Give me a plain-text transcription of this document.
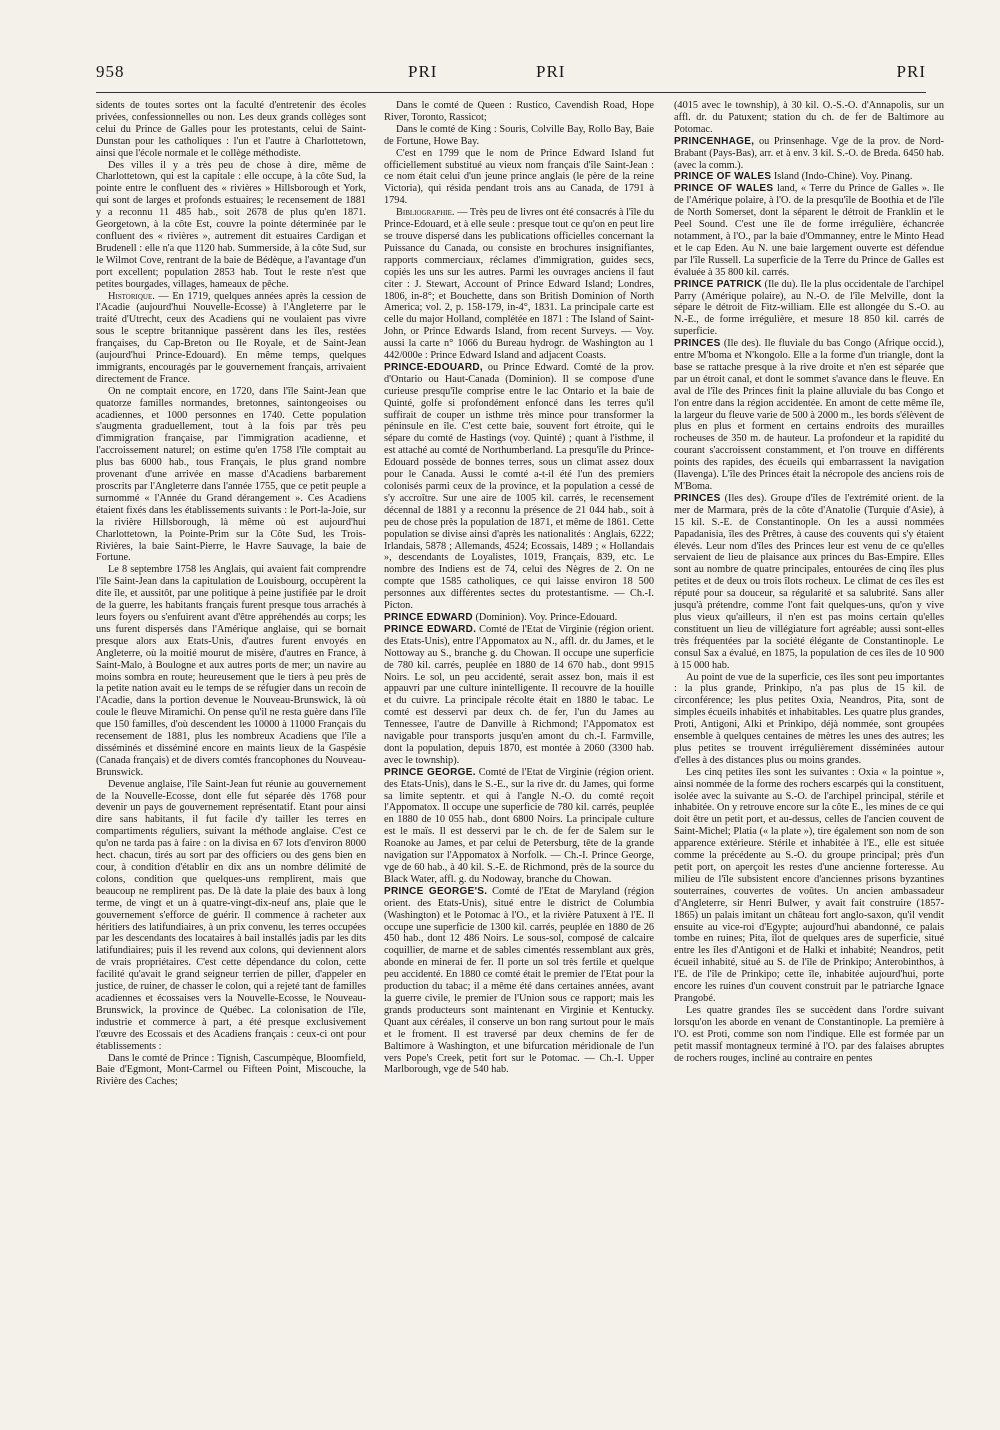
958	PRI	PRI	PRI

sidents de toutes sortes ont la faculté d'entretenir des écoles privées, confessionnelles ou non. Les deux grands collèges sont celui du Prince de Galles pour les protestants, celui de Saint-Dunstan pour les catholiques : l'un et l'autre à Charlottetown, ainsi que l'école normale et le collège méthodiste.

Des villes il y a très peu de chose à dire, même de Charlottetown, qui est la capitale : elle occupe, à la côte Sud, la pointe entre le confluent des « rivières » Hillsborough et York, qui sont de larges et profonds estuaires; le recensement de 1881 y a reconnu 11 485 hab., soit 2678 de plus qu'en 1871. Georgetown, à la côte Est, couvre la pointe déterminée par le confluent des « rivières », autrement dit estuaires Cardigan et Brudenell : elle n'a que 1120 hab. Summerside, à la côte Sud, sur le Wilmot Cove, rentrant de la baie de Bédèque, a l'avantage d'un port excellent; population 2853 hab. Tout le reste n'est que petites bourgades, villages, hameaux de pêche.

Historique. — En 1719, quelques années après la cession de l'Acadie (aujourd'hui Nouvelle-Ecosse) à l'Angleterre par le traité d'Utrecht, ceux des Acadiens qui ne voulaient pas vivre sous le sceptre britannique passèrent dans les îles, restées françaises, du Cap-Breton ou Ile Royale, et de Saint-Jean (aujourd'hui Prince-Edouard). En même temps, quelques immigrants, encouragés par le gouvernement français, arrivaient directement de France.

On ne comptait encore, en 1720, dans l'île Saint-Jean que quatorze familles normandes, bretonnes, saintongeoises ou acadiennes, et 1000 personnes en 1740. Cette population s'augmenta graduellement, tout à la fois par très peu d'immigration française, par l'immigration acadienne, et l'accroissement naturel; on estime qu'en 1758 l'île comptait au plus bas 6000 hab., tous Français, le plus grand nombre provenant d'une arrivée en masse d'Acadiens barbarement proscrits par l'Angleterre dans l'année 1755, que ce petit peuple a surnommé « l'Année du Grand dérangement ». Ces Acadiens étaient fixés dans les établissements suivants : le Port-la-Joie, sur la rivière Hillsborough, là même où est aujourd'hui Charlottetown, la Pointe-Prim sur la Côte Sud, les Trois-Rivières, la baie Saint-Pierre, le Havre Sauvage, la baie de Fortune.

Le 8 septembre 1758 les Anglais, qui avaient fait comprendre l'île Saint-Jean dans la capitulation de Louisbourg, occupèrent la dite île, et aussitôt, par une politique à peine justifiée par le droit de la guerre, les habitants français furent presque tous arrachés à leurs foyers ou s'enfuirent avant d'être appréhendés au corps; les uns furent dispersés dans l'Amérique anglaise, qui se bornait presque alors aux Etats-Unis, d'autres furent envoyés en Angleterre, où la moitié mourut de misère, d'autres en France, à Saint-Malo, à Boulogne et aux autres ports de mer; un navire au moins sombra en route; heureusement que le tiers à peu près de la petite nation avait eu le temps de se réfugier dans un recoin de l'Acadie, dans la portion devenue le Nouveau-Brunswick, là où coule le fleuve Miramichi. On pense qu'il ne resta guère dans l'île que 150 familles, d'où descendent les 10000 à 11000 Français du recensement de 1881, plus les nombreux Acadiens que l'île a disséminés et disséminé encore en maints lieux de la Gaspésie (Canada français) et de divers comtés francophones du Nouveau-Brunswick.

Devenue anglaise, l'île Saint-Jean fut réunie au gouvernement de la Nouvelle-Ecosse, dont elle fut séparée dès 1768 pour devenir un pays de gouvernement représentatif. Etant pour ainsi dire sans habitants, il fut facile d'y tailler les terres en compartiments réguliers, suivant la méthode anglaise. C'est ce qu'on ne tarda pas à faire : on la divisa en 67 lots d'environ 8000 hect. chacun, tirés au sort par des officiers ou des gens bien en cour, à condition d'établir en dix ans un nombre délimité de colons, condition que quelques-uns remplirent, mais que beaucoup ne remplirent pas. De là date la plaie des baux à long terme, de vingt et un à quatre-vingt-dix-neuf ans, plaie que le gouvernement s'efforce de guérir. Il commence à racheter aux héritiers des latifundiaires, à un prix convenu, les terres occupées par les descendants des locataires à bail installés jadis par les dits latifundiaires; puis il les revend aux colons, qui deviennent alors de vrais propriétaires. C'est cette dépendance du colon, cette facilité qu'avait le grand seigneur terrien de piller, d'appeler en justice, de ruiner, de chasser le colon, qui a rejeté tant de familles acadiennes et écossaises vers la Nouvelle-Ecosse, le Nouveau-Brunswick, la province de Québec. La colonisation de l'île, industrie et commerce à part, a été presque exclusivement l'œuvre des Ecossais et des Acadiens français : ceux-ci ont pour établissements :

Dans le comté de Prince : Tignish, Cascumpèque, Bloomfield, Baie d'Egmont, Mont-Carmel ou Fifteen Point, Miscouche, la Rivière des Caches;

Dans le comté de Queen : Rustico, Cavendish Road, Hope River, Toronto, Rassicot;

Dans le comté de King : Souris, Colville Bay, Rollo Bay, Baie de Fortune, Howe Bay.

C'est en 1799 que le nom de Prince Edward Island fut officiellement substitué au vieux nom français d'île Saint-Jean : ce nom était celui d'un jeune prince anglais (le père de la reine Victoria), qui résida pendant trois ans au Canada, de 1791 à 1794.

Bibliographie. — Très peu de livres ont été consacrés à l'île du Prince-Edouard, et à elle seule : presque tout ce qu'on en peut lire se trouve dispersé dans les publications officielles concernant la Puissance du Canada, ou consiste en brochures insignifiantes, rapports commerciaux, réclames d'immigration, guides secs, copiés les uns sur les autres. Parmi les ouvrages anciens il faut citer : J. Stewart, Account of Prince Edward Island; Londres, 1806, in-8°; et Bouchette, dans son British Dominion of North America; vol. 2, p. 158-179, in-4°, 1831. La principale carte est celle du major Holland, complétée en 1871 : The Island of Saint-John, or Prince Edwards Island, from recent Surveys. — Voy. aussi la carte n° 1066 du Bureau hydrogr. de Washington au 1 442/000e : Prince Edward Island and adjacent Coasts.

PRINCE-EDOUARD, ou Prince Edward. Comté de la prov. d'Ontario ou Haut-Canada (Dominion). Il se compose d'une curieuse presqu'île comprise entre le lac Ontario et la baie de Quinté, golfe si profondément enfoncé dans les terres qu'il suffirait de couper un isthme très mince pour transformer la péninsule en île. C'est cette baie, souvent fort étroite, qui le sépare du comté de Hastings (voy. Quinté) ; quant à l'isthme, il est attaché au comté de Northumberland. La presqu'île du Prince-Edouard possède de bonnes terres, sous un climat assez doux pour le Canada. Aussi le comté a-t-il été l'un des premiers colonisés parmi ceux de la province, et la population a cessé de s'y accroître. Sur une aire de 1005 kil. carrés, le recensement décennal de 1881 y a reconnu la présence de 21 044 hab., soit à peu de chose près la population de 1871, et même de 1861. Cette population se divise ainsi d'après les nationalités : Anglais, 6222; Irlandais, 5878 ; Allemands, 4524; Ecossais, 1489 ; « Hollandais », descendants de Loyalistes, 1019, Français, 839, etc. Le nombre des Indiens est de 74, celui des Nègres de 2. On ne compte que 1585 catholiques, ce qui laisse environ 18 500 personnes aux différentes sectes du protestantisme. — Ch.-I. Picton.

PRINCE EDWARD (Dominion). Voy. Prince-Edouard.

PRINCE EDWARD. Comté de l'Etat de Virginie (région orient. des Etats-Unis), entre l'Appomatox au N., affl. dr. du James, et le Nottoway au S., branche g. du Chowan. Il occupe une superficie de 780 kil. carrés, peuplée en 1880 de 14 670 hab., dont 9915 Noirs. Le sol, un peu accidenté, serait assez bon, mais il est appauvri par une culture inintelligente. Il recouvre de la houille et du cuivre. La principale récolte était en 1880 le tabac. Le comté est desservi par deux ch. de fer, l'un du James au Tennessee, l'autre de Danville à Richmond; l'Appomatox est navigable pour transports jusqu'en amont du ch.-I. Farmville, dont la population, depuis 1870, est montée à 2060 (3300 hab. avec le township).

PRINCE GEORGE. Comté de l'Etat de Virginie (région orient. des Etats-Unis), dans le S.-E., sur la rive dr. du James, qui forme sa limite septentr. et qui à l'angle N.-O. du comté reçoit l'Appomatox. Il occupe une superficie de 780 kil. carrés, peuplée en 1880 de 10 055 hab., dont 6800 Noirs. La principale culture est le maïs. Il est desservi par le ch. de fer de Salem sur le Roanoke au James, et par celui de Petersburg, tête de la grande navigation sur l'Appomatox à Norfolk. — Ch.-I. Prince George, vge de 60 hab., à 40 kil. S.-E. de Richmond, près de la source du Black Water, affl. g. du Nodoway, branche du Chowan.

PRINCE GEORGE'S. Comté de l'Etat de Maryland (région orient. des Etats-Unis), situé entre le district de Columbia (Washington) et le Potomac à l'O., et la rivière Patuxent à l'E. Il occupe une superficie de 1300 kil. carrés, peuplée en 1880 de 26 450 hab., dont 12 486 Noirs. Le sous-sol, composé de calcaire coquillier, de marne et de sables cimentés ressemblant aux grès, abonde en minerai de fer. Il porte un sol très fertile et quelque peu accidenté. En 1880 ce comté était le premier de l'Etat pour la production du tabac; il a même été dans certaines années, avant la guerre civile, le premier de l'Union sous ce rapport; mais les grands producteurs sont maintenant en Virginie et Kentucky. Quant aux céréales, il conserve un bon rang surtout pour le maïs et le froment. Il est traversé par deux chemins de fer de Baltimore à Washington, et une bifurcation méridionale de l'un vers Pope's Creek, petit fort sur le Potomac. — Ch.-I. Upper Marlborough, vge de 540 hab.

(4015 avec le township), à 30 kil. O.-S.-O. d'Annapolis, sur un affl. dr. du Patuxent; station du ch. de fer de Baltimore au Potomac.

PRINCENHAGE, ou Prinsenhage. Vge de la prov. de Nord-Brabant (Pays-Bas), arr. et à env. 3 kil. S.-O. de Breda. 6450 hab. (avec la comm.).

PRINCE OF WALES Island (Indo-Chine). Voy. Pinang.

PRINCE OF WALES land, « Terre du Prince de Galles ». Ile de l'Amérique polaire, à l'O. de la presqu'île de Boothia et de l'île de North Somerset, dont la séparent le détroit de Franklin et le Peel Sound. C'est une île de forme irrégulière, échancrée notamment, à l'O., par la baie d'Ommanney, entre le Minto Head et le cap Eden. Au N. une baie largement ouverte est défendue par l'île Russell. La superficie de la Terre du Prince de Galles est évaluée à 35 800 kil. carrés.

PRINCE PATRICK (Ile du). Ile la plus occidentale de l'archipel Parry (Amérique polaire), au N.-O. de l'île Melville, dont la sépare le détroit de Fitz-william. Elle est allongée du S.-O. au N.-E., de forme irrégulière, et mesure 18 850 kil. carrés de superficie.

PRINCES (Ile des). Ile fluviale du bas Congo (Afrique occid.), entre M'boma et N'kongolo. Elle a la forme d'un triangle, dont la base se rattache presque à la rive droite et n'en est séparée que par un étroit canal, et dont le sommet s'avance dans le fleuve. En aval de l'île des Princes finit la plaine alluviale du bas Congo et l'on entre dans la région accidentée. En amont de cette même île, la largeur du fleuve varie de 500 à 2000 m., les bords s'élèvent de plus en plus et forment en certains endroits des murailles rocheuses de 350 m. de hauteur. La profondeur et la rapidité du courant s'accroissent constamment, et l'on trouve en différents points des rapides, des écueils qui embarrassent la navigation (Ilavenga). L'île des Princes était la nécropole des anciens rois de M'Boma.

PRINCES (Iles des). Groupe d'îles de l'extrémité orient. de la mer de Marmara, près de la côte d'Anatolie (Turquie d'Asie), à 15 kil. S.-E. de Constantinople. On les a aussi nommées Papadanisia, îles des Prêtres, à cause des couvents qui s'y étaient élevés. Leur nom d'îles des Princes leur est venu de ce qu'elles servaient de lieu de plaisance aux princes du Bas-Empire. Elles sont au nombre de quatre principales, entourées de cinq îles plus petites et de deux ou trois îlots rocheux. Le climat de ces îles est réputé pour sa douceur, sa régularité et sa salubrité. Sans aller jusqu'à prétendre, comme l'ont fait quelques-uns, qu'on y vive plus vieux qu'ailleurs, il n'en est pas moins certain qu'elles constituent un lieu de villégiature fort agréable; aussi sont-elles très fréquentées par la société élégante de Constantinople. Le consul Sax a évalué, en 1875, la population de ces îles de 10 900 à 15 000 hab.

Au point de vue de la superficie, ces îles sont peu importantes : la plus grande, Prinkipo, n'a pas plus de 15 kil. de circonférence; les plus petites Oxia, Neandros, Pita, sont de simples écueils inhabités et inhabitables. Les quatre plus grandes, Proti, Antigoni, Alki et Prinkipo, déjà nommée, sont groupées ensemble à quelques centaines de mètres les unes des autres; les plus petites se trouvent irrégulièrement disséminées autour d'elles à des distances plus ou moins grandes.

Les cinq petites îles sont les suivantes : Oxia « la pointue », ainsi nommée de la forme des rochers escarpés qui la constituent, isolée avec la suivante au S.-O. de l'archipel principal, stérile et inhabitée. On y retrouve encore sur la côte E., les mines de ce qui doit être un petit port, et au-dessus, celles de l'ancien couvent de Saint-Michel; Platia (« la plate »), tire également son nom de son apparence extérieure. Stérile et inhabitée à l'E., elle est située comme la précédente au S.-O. du groupe principal; près d'un petit port, on aperçoit les restes d'une ancienne forteresse. Au milieu de l'île subsistent encore d'anciennes prisons byzantines souterraines, couvertes de voûtes. Un ancien ambassadeur d'Angleterre, sir Henri Bulwer, y avait fait construire (1857-1865) un palais imitant un château fort anglo-saxon, qu'il vendit ensuite au vice-roi d'Egypte; aujourd'hui abandonné, ce palais tombe en ruines; Pita, îlot de quelques ares de superficie, situé entre les îles d'Antigoni et de Halki et inhabité; Neandros, petit écueil inhabité, situé au S. de l'île de Prinkipo; Anterobinthos, à l'E. de l'île de Prinkipo; cette île, inhabitée aujourd'hui, porte encore les ruines d'un couvent construit par le patriarche Ignace Prangobé.

Les quatre grandes îles se succèdent dans l'ordre suivant lorsqu'on les aborde en venant de Constantinople. La première à l'O. est Proti, comme son nom l'indique. Elle est formée par un petit massif montagneux terminé à l'O. par des falaises abruptes de rochers rouges, incliné au contraire en pentes
